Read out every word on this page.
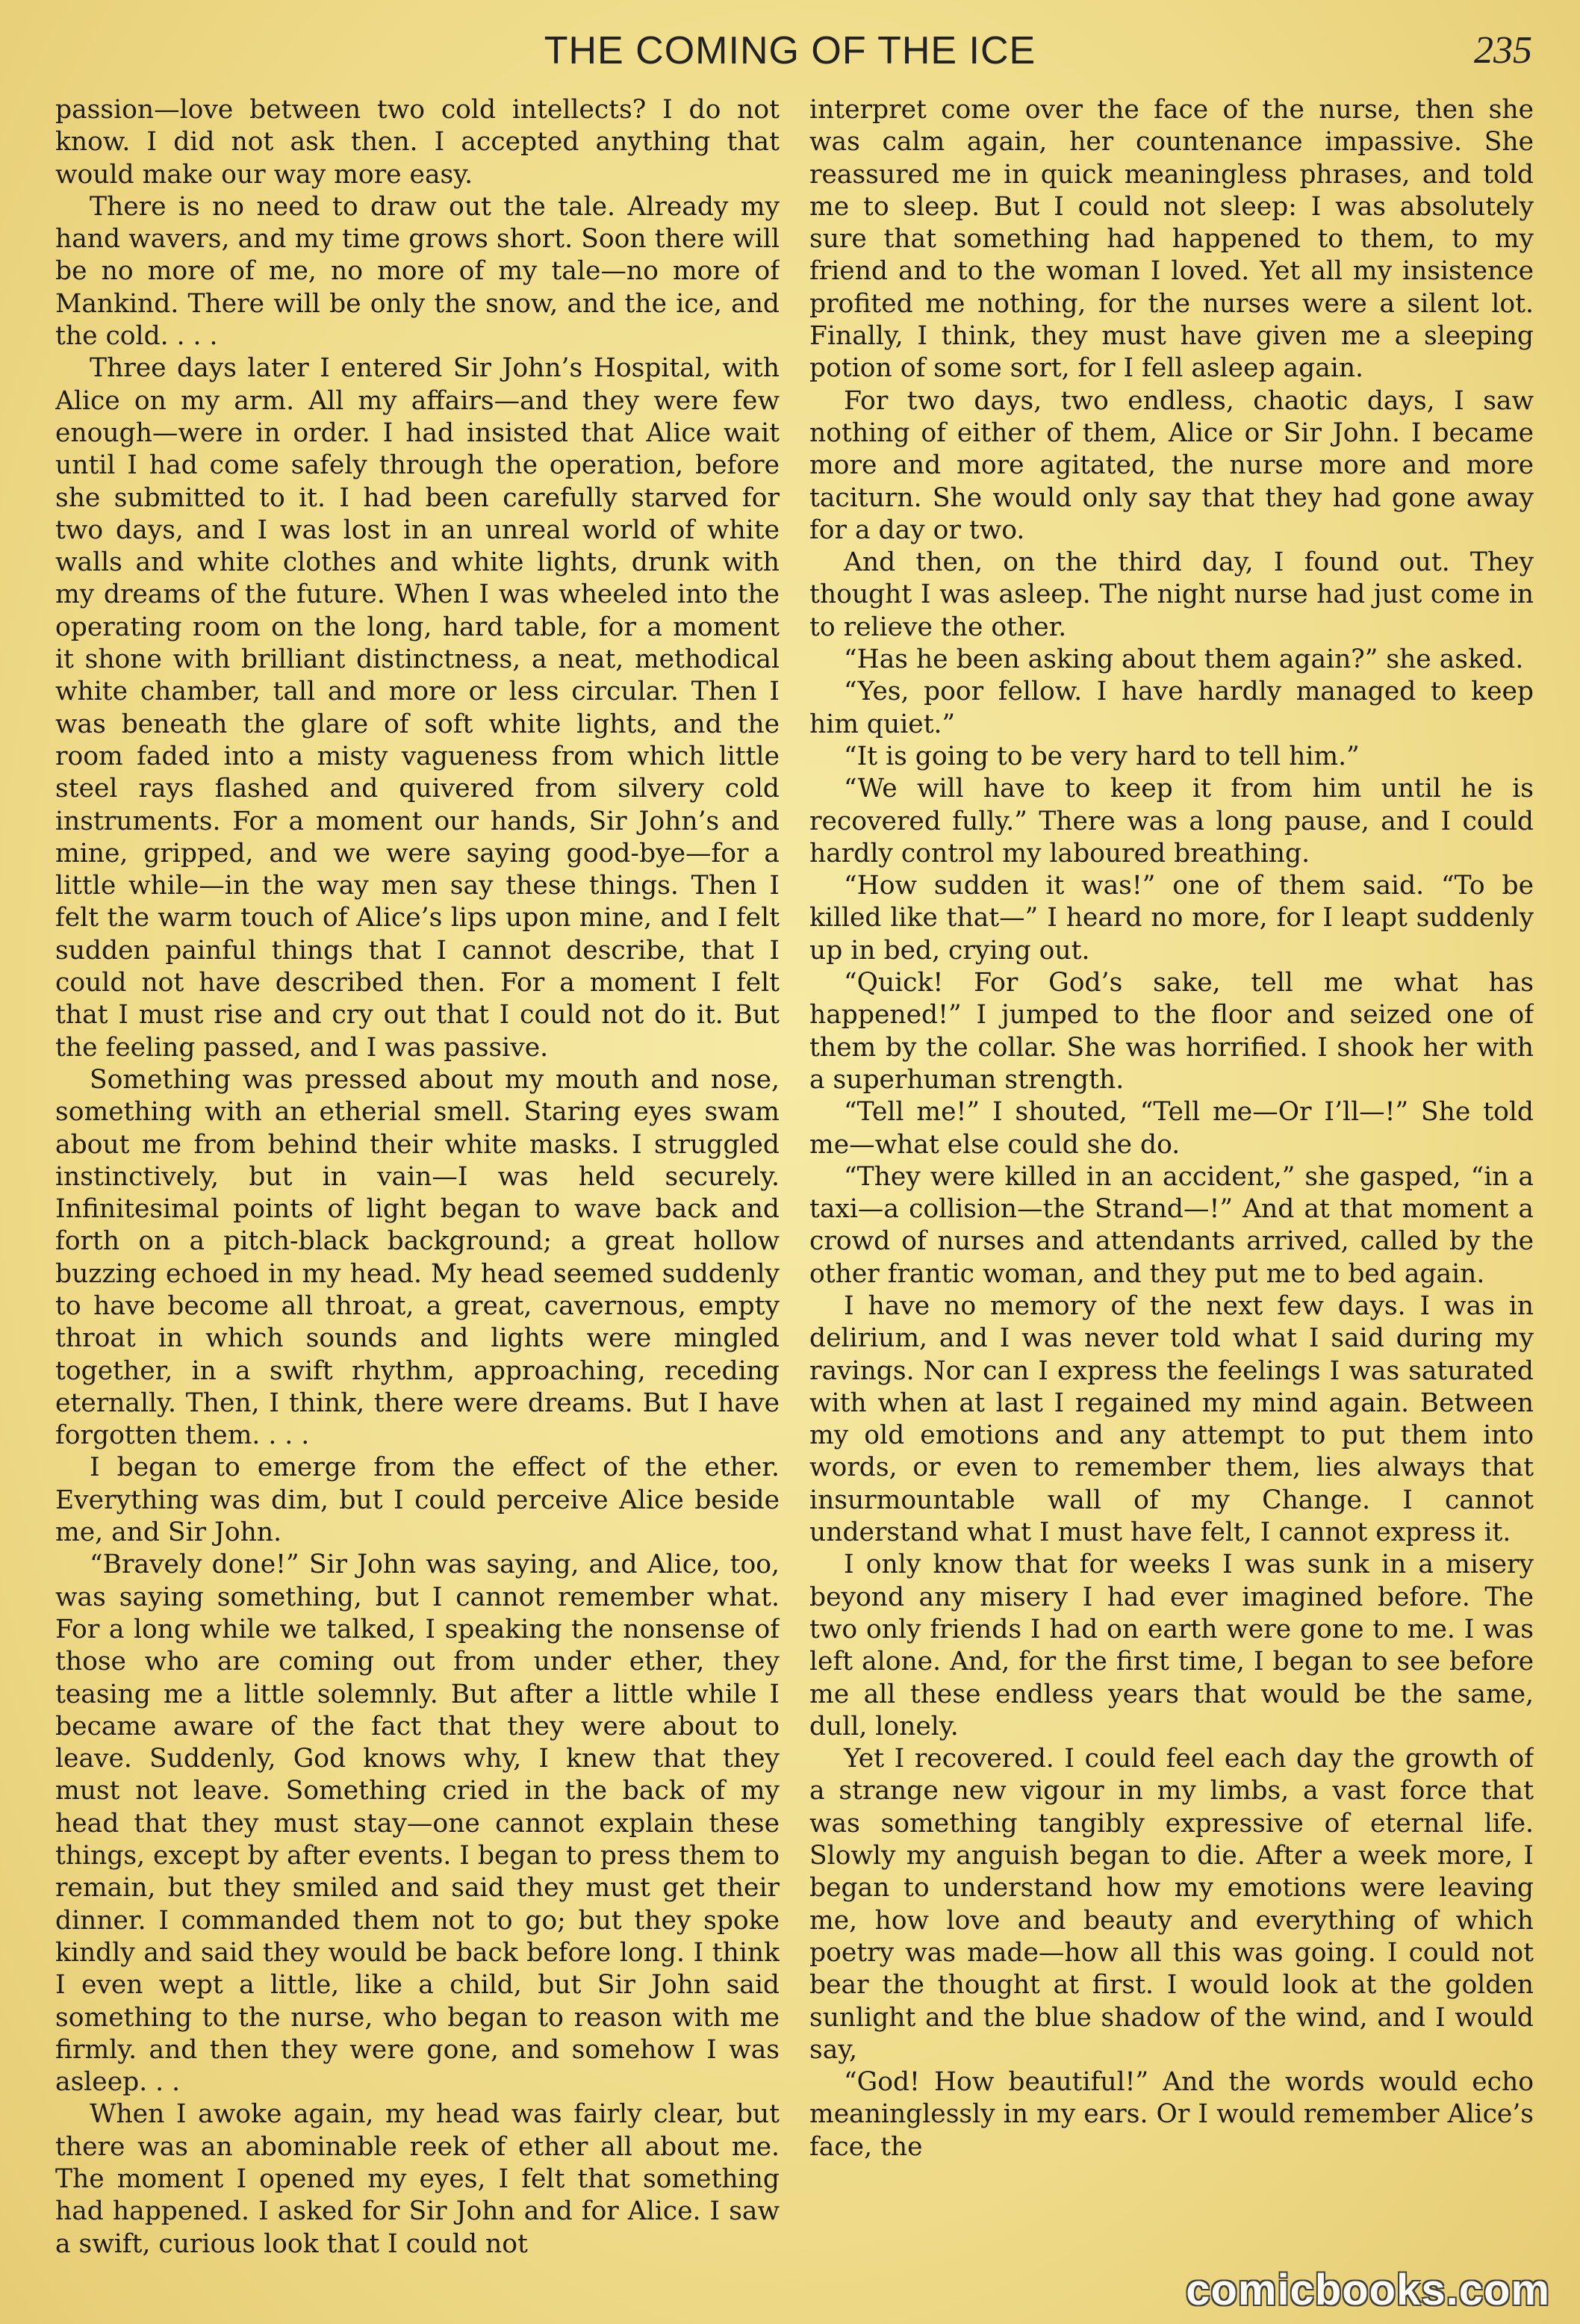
THE COMING OF THE ICE	235

passion—love between two cold intellects? I do not know. I did not ask then. I accepted anything that would make our way more easy.

There is no need to draw out the tale. Already my hand wavers, and my time grows short. Soon there will be no more of me, no more of my tale—no more of Mankind. There will be only the snow, and the ice, and the cold. . . .

Three days later I entered Sir John’s Hospital, with Alice on my arm. All my affairs—and they were few enough—were in order. I had insisted that Alice wait until I had come safely through the operation, before she submitted to it. I had been carefully starved for two days, and I was lost in an unreal world of white walls and white clothes and white lights, drunk with my dreams of the future. When I was wheeled into the operating room on the long, hard table, for a moment it shone with brilliant distinctness, a neat, methodical white chamber, tall and more or less circular. Then I was beneath the glare of soft white lights, and the room faded into a misty vagueness from which little steel rays flashed and quivered from silvery cold instruments. For a moment our hands, Sir John’s and mine, gripped, and we were saying good-bye—for a little while—in the way men say these things. Then I felt the warm touch of Alice’s lips upon mine, and I felt sudden painful things that I cannot describe, that I could not have described then. For a moment I felt that I must rise and cry out that I could not do it. But the feeling passed, and I was passive.

Something was pressed about my mouth and nose, something with an etherial smell. Staring eyes swam about me from behind their white masks. I struggled instinctively, but in vain—I was held securely. Infinitesimal points of light began to wave back and forth on a pitch-black background; a great hollow buzzing echoed in my head. My head seemed suddenly to have become all throat, a great, cavernous, empty throat in which sounds and lights were mingled together, in a swift rhythm, approaching, receding eternally. Then, I think, there were dreams. But I have forgotten them. . . .

I began to emerge from the effect of the ether. Everything was dim, but I could perceive Alice beside me, and Sir John.

“Bravely done!” Sir John was saying, and Alice, too, was saying something, but I cannot remember what. For a long while we talked, I speaking the nonsense of those who are coming out from under ether, they teasing me a little solemnly. But after a little while I became aware of the fact that they were about to leave. Suddenly, God knows why, I knew that they must not leave. Something cried in the back of my head that they must stay—one cannot explain these things, except by after events. I began to press them to remain, but they smiled and said they must get their dinner. I commanded them not to go; but they spoke kindly and said they would be back before long. I think I even wept a little, like a child, but Sir John said something to the nurse, who began to reason with me firmly. and then they were gone, and somehow I was asleep. . .

When I awoke again, my head was fairly clear, but there was an abominable reek of ether all about me. The moment I opened my eyes, I felt that something had happened. I asked for Sir John and for Alice. I saw a swift, curious look that I could not

interpret come over the face of the nurse, then she was calm again, her countenance impassive. She reassured me in quick meaningless phrases, and told me to sleep. But I could not sleep: I was absolutely sure that something had happened to them, to my friend and to the woman I loved. Yet all my insistence profited me nothing, for the nurses were a silent lot. Finally, I think, they must have given me a sleeping potion of some sort, for I fell asleep again.

For two days, two endless, chaotic days, I saw nothing of either of them, Alice or Sir John. I became more and more agitated, the nurse more and more taciturn. She would only say that they had gone away for a day or two.

And then, on the third day, I found out. They thought I was asleep. The night nurse had just come in to relieve the other.

“Has he been asking about them again?” she asked.

“Yes, poor fellow. I have hardly managed to keep him quiet.”

“It is going to be very hard to tell him.”

“We will have to keep it from him until he is recovered fully.” There was a long pause, and I could hardly control my laboured breathing.

“How sudden it was!” one of them said. “To be killed like that—” I heard no more, for I leapt suddenly up in bed, crying out.

“Quick! For God’s sake, tell me what has happened!” I jumped to the floor and seized one of them by the collar. She was horrified. I shook her with a superhuman strength.

“Tell me!” I shouted, “Tell me—Or I’ll—!” She told me—what else could she do.

“They were killed in an accident,” she gasped, “in a taxi—a collision—the Strand—!” And at that moment a crowd of nurses and attendants arrived, called by the other frantic woman, and they put me to bed again.

I have no memory of the next few days. I was in delirium, and I was never told what I said during my ravings. Nor can I express the feelings I was saturated with when at last I regained my mind again. Between my old emotions and any attempt to put them into words, or even to remember them, lies always that insurmountable wall of my Change. I cannot understand what I must have felt, I cannot express it.

I only know that for weeks I was sunk in a misery beyond any misery I had ever imagined before. The two only friends I had on earth were gone to me. I was left alone. And, for the first time, I began to see before me all these endless years that would be the same, dull, lonely.

Yet I recovered. I could feel each day the growth of a strange new vigour in my limbs, a vast force that was something tangibly expressive of eternal life. Slowly my anguish began to die. After a week more, I began to understand how my emotions were leaving me, how love and beauty and everything of which poetry was made—how all this was going. I could not bear the thought at first. I would look at the golden sunlight and the blue shadow of the wind, and I would say,

“God! How beautiful!” And the words would echo meaninglessly in my ears. Or I would remember Alice’s face, the

comicbooks.com
